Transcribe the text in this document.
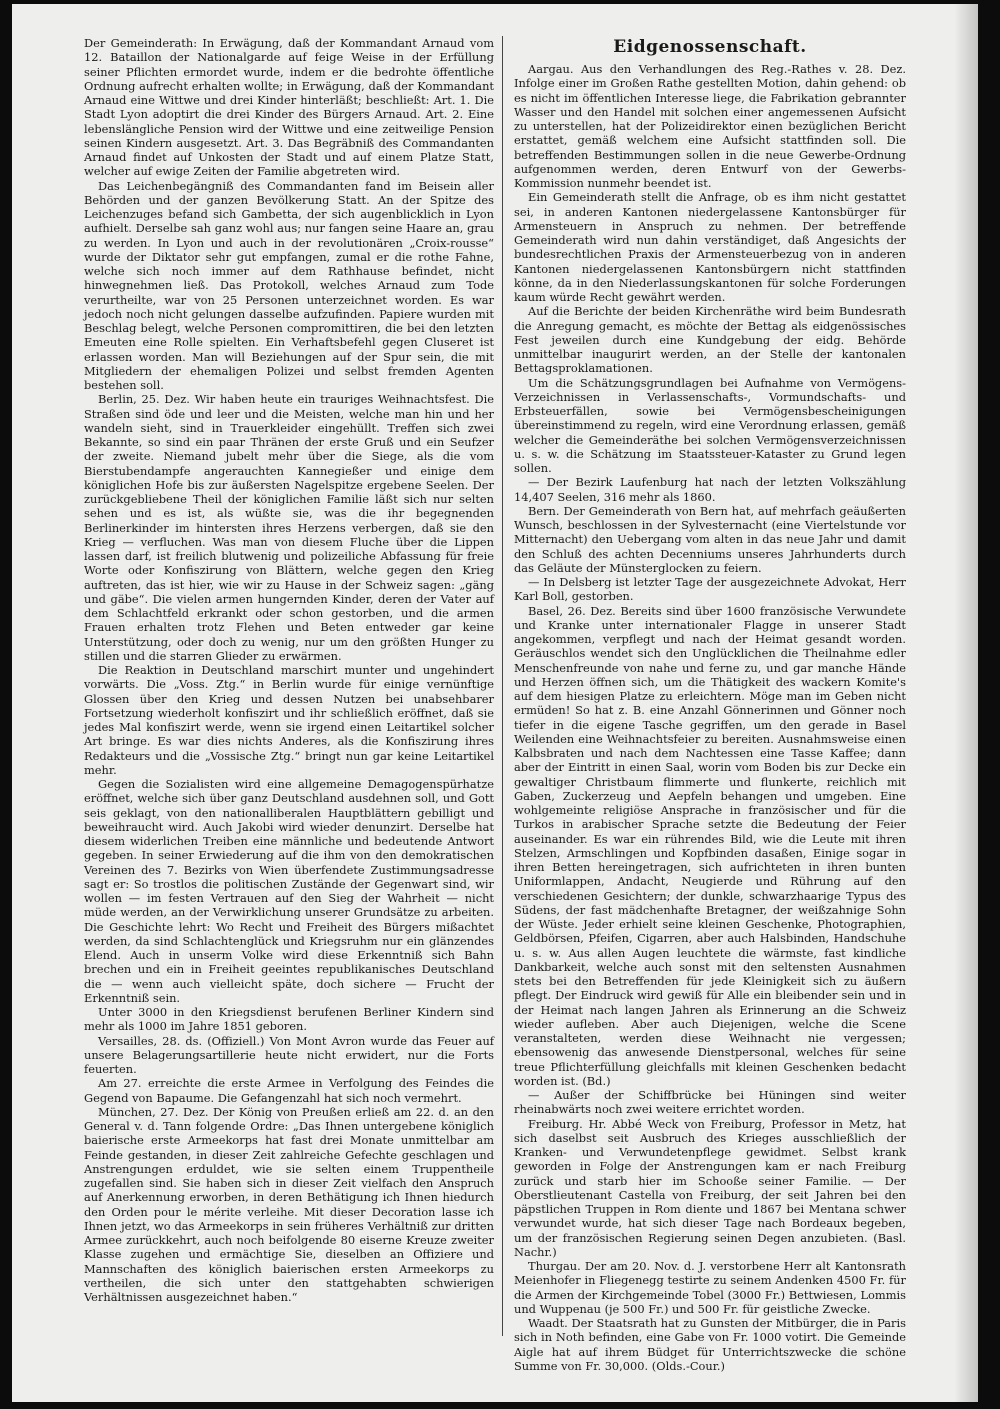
Der Gemeinderath: In Erwägung, daß der Kommandant Arnaud vom 12. Bataillon der Nationalgarde auf feige Weise in der Erfüllung seiner Pflichten ermordet wurde, indem er die bedrohte öffentliche Ordnung aufrecht erhalten wollte; in Erwägung, daß der Kommandant Arnaud eine Wittwe und drei Kinder hinterläßt; beschließt: Art. 1. Die Stadt Lyon adoptirt die drei Kinder des Bürgers Arnaud. Art. 2. Eine lebenslängliche Pension wird der Wittwe und eine zeitweilige Pension seinen Kindern ausgesetzt. Art. 3. Das Begräbniß des Commandanten Arnaud findet auf Unkosten der Stadt und auf einem Platze Statt, welcher auf ewige Zeiten der Familie abgetreten wird.

Das Leichenbegängniß des Commandanten fand im Beisein aller Behörden und der ganzen Bevölkerung Statt. An der Spitze des Leichenzuges befand sich Gambetta, der sich augenblicklich in Lyon aufhielt. Derselbe sah ganz wohl aus; nur fangen seine Haare an, grau zu werden. In Lyon und auch in der revolutionären „Croix-rousse“ wurde der Diktator sehr gut empfangen, zumal er die rothe Fahne, welche sich noch immer auf dem Rathhause befindet, nicht hinwegnehmen ließ. Das Protokoll, welches Arnaud zum Tode verurtheilte, war von 25 Personen unterzeichnet worden. Es war jedoch noch nicht gelungen dasselbe aufzufinden. Papiere wurden mit Beschlag belegt, welche Personen compromittiren, die bei den letzten Emeuten eine Rolle spielten. Ein Verhaftsbefehl gegen Cluseret ist erlassen worden. Man will Beziehungen auf der Spur sein, die mit Mitgliedern der ehemaligen Polizei und selbst fremden Agenten bestehen soll.

Berlin, 25. Dez. Wir haben heute ein trauriges Weihnachtsfest. Die Straßen sind öde und leer und die Meisten, welche man hin und her wandeln sieht, sind in Trauerkleider eingehüllt. Treffen sich zwei Bekannte, so sind ein paar Thränen der erste Gruß und ein Seufzer der zweite. Niemand jubelt mehr über die Siege, als die vom Bierstubendampfe angerauchten Kannegießer und einige dem königlichen Hofe bis zur äußersten Nagelspitze ergebene Seelen. Der zurückgebliebene Theil der königlichen Familie läßt sich nur selten sehen und es ist, als wüßte sie, was die ihr begegnenden Berlinerkinder im hintersten ihres Herzens verbergen, daß sie den Krieg — verfluchen. Was man von diesem Fluche über die Lippen lassen darf, ist freilich blutwenig und polizeiliche Abfassung für freie Worte oder Konfiszirung von Blättern, welche gegen den Krieg auftreten, das ist hier, wie wir zu Hause in der Schweiz sagen: „gäng und gäbe“. Die vielen armen hungernden Kinder, deren der Vater auf dem Schlachtfeld erkrankt oder schon gestorben, und die armen Frauen erhalten trotz Flehen und Beten entweder gar keine Unterstützung, oder doch zu wenig, nur um den größten Hunger zu stillen und die starren Glieder zu erwärmen.

Die Reaktion in Deutschland marschirt munter und ungehindert vorwärts. Die „Voss. Ztg.“ in Berlin wurde für einige vernünftige Glossen über den Krieg und dessen Nutzen bei unabsehbarer Fortsetzung wiederholt konfiszirt und ihr schließlich eröffnet, daß sie jedes Mal konfiszirt werde, wenn sie irgend einen Leitartikel solcher Art bringe. Es war dies nichts Anderes, als die Konfiszirung ihres Redakteurs und die „Vossische Ztg.“ bringt nun gar keine Leitartikel mehr.

Gegen die Sozialisten wird eine allgemeine Demagogenspürhatze eröffnet, welche sich über ganz Deutschland ausdehnen soll, und Gott seis geklagt, von den nationalliberalen Hauptblättern gebilligt und beweihraucht wird. Auch Jakobi wird wieder denunzirt. Derselbe hat diesem widerlichen Treiben eine männliche und bedeutende Antwort gegeben. In seiner Erwiederung auf die ihm von den demokratischen Vereinen des 7. Bezirks von Wien überfendete Zustimmungsadresse sagt er: So trostlos die politischen Zustände der Gegenwart sind, wir wollen — im festen Vertrauen auf den Sieg der Wahrheit — nicht müde werden, an der Verwirklichung unserer Grundsätze zu arbeiten. Die Geschichte lehrt: Wo Recht und Freiheit des Bürgers mißachtet werden, da sind Schlachtenglück und Kriegsruhm nur ein glänzendes Elend. Auch in unserm Volke wird diese Erkenntniß sich Bahn brechen und ein in Freiheit geeintes republikanisches Deutschland die — wenn auch vielleicht späte, doch sichere — Frucht der Erkenntniß sein.

Unter 3000 in den Kriegsdienst berufenen Berliner Kindern sind mehr als 1000 im Jahre 1851 geboren.

Versailles, 28. ds. (Offiziell.) Von Mont Avron wurde das Feuer auf unsere Belagerungsartillerie heute nicht erwidert, nur die Forts feuerten.

Am 27. erreichte die erste Armee in Verfolgung des Feindes die Gegend von Bapaume. Die Gefangenzahl hat sich noch vermehrt.

München, 27. Dez. Der König von Preußen erließ am 22. d. an den General v. d. Tann folgende Ordre: „Das Ihnen untergebene königlich baierische erste Armeekorps hat fast drei Monate unmittelbar am Feinde gestanden, in dieser Zeit zahlreiche Gefechte geschlagen und Anstrengungen erduldet, wie sie selten einem Truppentheile zugefallen sind. Sie haben sich in dieser Zeit vielfach den Anspruch auf Anerkennung erworben, in deren Bethätigung ich Ihnen hiedurch den Orden pour le mérite verleihe. Mit dieser Decoration lasse ich Ihnen jetzt, wo das Armeekorps in sein früheres Verhältniß zur dritten Armee zurückkehrt, auch noch beifolgende 80 eiserne Kreuze zweiter Klasse zugehen und ermächtige Sie, dieselben an Offiziere und Mannschaften des königlich baierischen ersten Armeekorps zu vertheilen, die sich unter den stattgehabten schwierigen Verhältnissen ausgezeichnet haben.“

Eidgenossenschaft.

Aargau. Aus den Verhandlungen des Reg.-Rathes v. 28. Dez. Infolge einer im Großen Rathe gestellten Motion, dahin gehend: ob es nicht im öffentlichen Interesse liege, die Fabrikation gebrannter Wasser und den Handel mit solchen einer angemessenen Aufsicht zu unterstellen, hat der Polizeidirektor einen bezüglichen Bericht erstattet, gemäß welchem eine Aufsicht stattfinden soll. Die betreffenden Bestimmungen sollen in die neue Gewerbe-Ordnung aufgenommen werden, deren Entwurf von der Gewerbs-Kommission nunmehr beendet ist.

Ein Gemeinderath stellt die Anfrage, ob es ihm nicht gestattet sei, in anderen Kantonen niedergelassene Kantonsbürger für Armensteuern in Anspruch zu nehmen. Der betreffende Gemeinderath wird nun dahin verständiget, daß Angesichts der bundesrechtlichen Praxis der Armensteuerbezug von in anderen Kantonen niedergelassenen Kantonsbürgern nicht stattfinden könne, da in den Niederlassungskantonen für solche Forderungen kaum würde Recht gewährt werden.

Auf die Berichte der beiden Kirchenräthe wird beim Bundesrath die Anregung gemacht, es möchte der Bettag als eidgenössisches Fest jeweilen durch eine Kundgebung der eidg. Behörde unmittelbar inaugurirt werden, an der Stelle der kantonalen Bettagsproklamationen.

Um die Schätzungsgrundlagen bei Aufnahme von Vermögens-Verzeichnissen in Verlassenschafts-, Vormundschafts- und Erbsteuerfällen, sowie bei Vermögensbescheinigungen übereinstimmend zu regeln, wird eine Verordnung erlassen, gemäß welcher die Gemeinderäthe bei solchen Vermögensverzeichnissen u. s. w. die Schätzung im Staatssteuer-Kataster zu Grund legen sollen.

— Der Bezirk Laufenburg hat nach der letzten Volkszählung 14,407 Seelen, 316 mehr als 1860.

Bern. Der Gemeinderath von Bern hat, auf mehrfach geäußerten Wunsch, beschlossen in der Sylvesternacht (eine Viertelstunde vor Mitternacht) den Uebergang vom alten in das neue Jahr und damit den Schluß des achten Decenniums unseres Jahrhunderts durch das Geläute der Münsterglocken zu feiern.

— In Delsberg ist letzter Tage der ausgezeichnete Advokat, Herr Karl Boll, gestorben.

Basel, 26. Dez. Bereits sind über 1600 französische Verwundete und Kranke unter internationaler Flagge in unserer Stadt angekommen, verpflegt und nach der Heimat gesandt worden. Geräuschlos wendet sich den Unglücklichen die Theilnahme edler Menschenfreunde von nahe und ferne zu, und gar manche Hände und Herzen öffnen sich, um die Thätigkeit des wackern Komite's auf dem hiesigen Platze zu erleichtern. Möge man im Geben nicht ermüden! So hat z. B. eine Anzahl Gönnerinnen und Gönner noch tiefer in die eigene Tasche gegriffen, um den gerade in Basel Weilenden eine Weihnachtsfeier zu bereiten. Ausnahmsweise einen Kalbsbraten und nach dem Nachtessen eine Tasse Kaffee; dann aber der Eintritt in einen Saal, worin vom Boden bis zur Decke ein gewaltiger Christbaum flimmerte und flunkerte, reichlich mit Gaben, Zuckerzeug und Aepfeln behangen und umgeben. Eine wohlgemeinte religiöse Ansprache in französischer und für die Turkos in arabischer Sprache setzte die Bedeutung der Feier auseinander. Es war ein rührendes Bild, wie die Leute mit ihren Stelzen, Armschlingen und Kopfbinden dasaßen, Einige sogar in ihren Betten hereingetragen, sich aufrichteten in ihren bunten Uniformlappen, Andacht, Neugierde und Rührung auf den verschiedenen Gesichtern; der dunkle, schwarzhaarige Typus des Südens, der fast mädchenhafte Bretagner, der weißzahnige Sohn der Wüste. Jeder erhielt seine kleinen Geschenke, Photographien, Geldbörsen, Pfeifen, Cigarren, aber auch Halsbinden, Handschuhe u. s. w. Aus allen Augen leuchtete die wärmste, fast kindliche Dankbarkeit, welche auch sonst mit den seltensten Ausnahmen stets bei den Betreffenden für jede Kleinigkeit sich zu äußern pflegt. Der Eindruck wird gewiß für Alle ein bleibender sein und in der Heimat nach langen Jahren als Erinnerung an die Schweiz wieder aufleben. Aber auch Diejenigen, welche die Scene veranstalteten, werden diese Weihnacht nie vergessen; ebensowenig das anwesende Dienstpersonal, welches für seine treue Pflichterfüllung gleichfalls mit kleinen Geschenken bedacht worden ist. (Bd.)

— Außer der Schiffbrücke bei Hüningen sind weiter rheinabwärts noch zwei weitere errichtet worden.

Freiburg. Hr. Abbé Weck von Freiburg, Professor in Metz, hat sich daselbst seit Ausbruch des Krieges ausschließlich der Kranken- und Verwundetenpflege gewidmet. Selbst krank geworden in Folge der Anstrengungen kam er nach Freiburg zurück und starb hier im Schooße seiner Familie. — Der Oberstlieutenant Castella von Freiburg, der seit Jahren bei den päpstlichen Truppen in Rom diente und 1867 bei Mentana schwer verwundet wurde, hat sich dieser Tage nach Bordeaux begeben, um der französischen Regierung seinen Degen anzubieten. (Basl. Nachr.)

Thurgau. Der am 20. Nov. d. J. verstorbene Herr alt Kantonsrath Meienhofer in Fliegenegg testirte zu seinem Andenken 4500 Fr. für die Armen der Kirchgemeinde Tobel (3000 Fr.) Bettwiesen, Lommis und Wuppenau (je 500 Fr.) und 500 Fr. für geistliche Zwecke.

Waadt. Der Staatsrath hat zu Gunsten der Mitbürger, die in Paris sich in Noth befinden, eine Gabe von Fr. 1000 votirt. Die Gemeinde Aigle hat auf ihrem Büdget für Unterrichtszwecke die schöne Summe von Fr. 30,000. (Olds.-Cour.)
